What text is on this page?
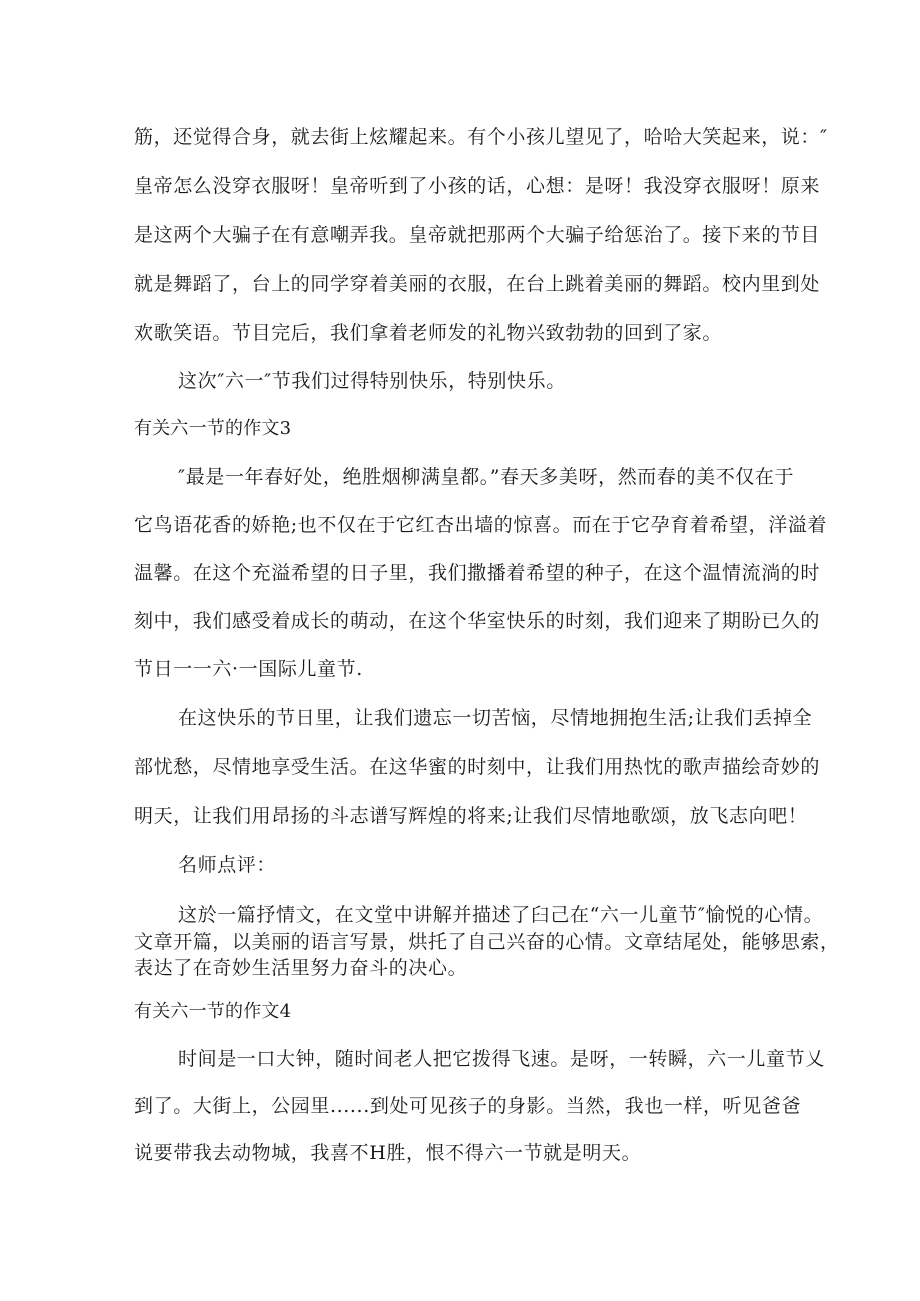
筋，还觉得合身，就去街上炫耀起来。有个小孩儿望见了，哈哈大笑起来，说：″
皇帝怎么没穿衣服呀！皇帝听到了小孩的话，心想：是呀！我没穿衣服呀！原来
是这两个大骗子在有意嘲弄我。皇帝就把那两个大骗子给惩治了。接下来的节目
就是舞蹈了，台上的同学穿着美丽的衣服，在台上跳着美丽的舞蹈。校内里到处
欢歌笑语。节目完后，我们拿着老师发的礼物兴致勃勃的回到了家。
这次″六一″节我们过得特别快乐，特别快乐。
有关六一节的作文3
″最是一年春好处，绝胜烟柳满皇都。”春天多美呀，然而春的美不仅在于
它鸟语花香的娇艳;也不仅在于它红杏出墙的惊喜。而在于它孕育着希望，洋溢着
温馨。在这个充溢希望的日子里，我们撒播着希望的种子，在这个温情流淌的时
刻中，我们感受着成长的萌动，在这个华室快乐的时刻，我们迎来了期盼已久的
节日一一六·一国际儿童节.
在这快乐的节日里，让我们遗忘一切苦恼，尽情地拥抱生活;让我们丢掉全
部忧愁，尽情地享受生活。在这华蜜的时刻中，让我们用热忱的歌声描绘奇妙的
明天，让我们用昂扬的斗志谱写辉煌的将来;让我们尽情地歌颂，放飞志向吧！
名师点评：
这於一篇抒情文，在文堂中讲解并描述了臼己在“六一儿童节″愉悦的心情。
文章开篇，以美丽的语言写景，烘托了自己兴奋的心情。文章结尾处，能够思索，
表达了在奇妙生活里努力奋斗的决心。
有关六一节的作文4
时间是一口大钟，随时间老人把它拨得飞速。是呀，一转瞬，六一儿童节乂
到了。大街上，公园里......到处可见孩子的身影。当然，我也一样，听见爸爸
说要带我去动物城，我喜不H胜，恨不得六一节就是明天。
